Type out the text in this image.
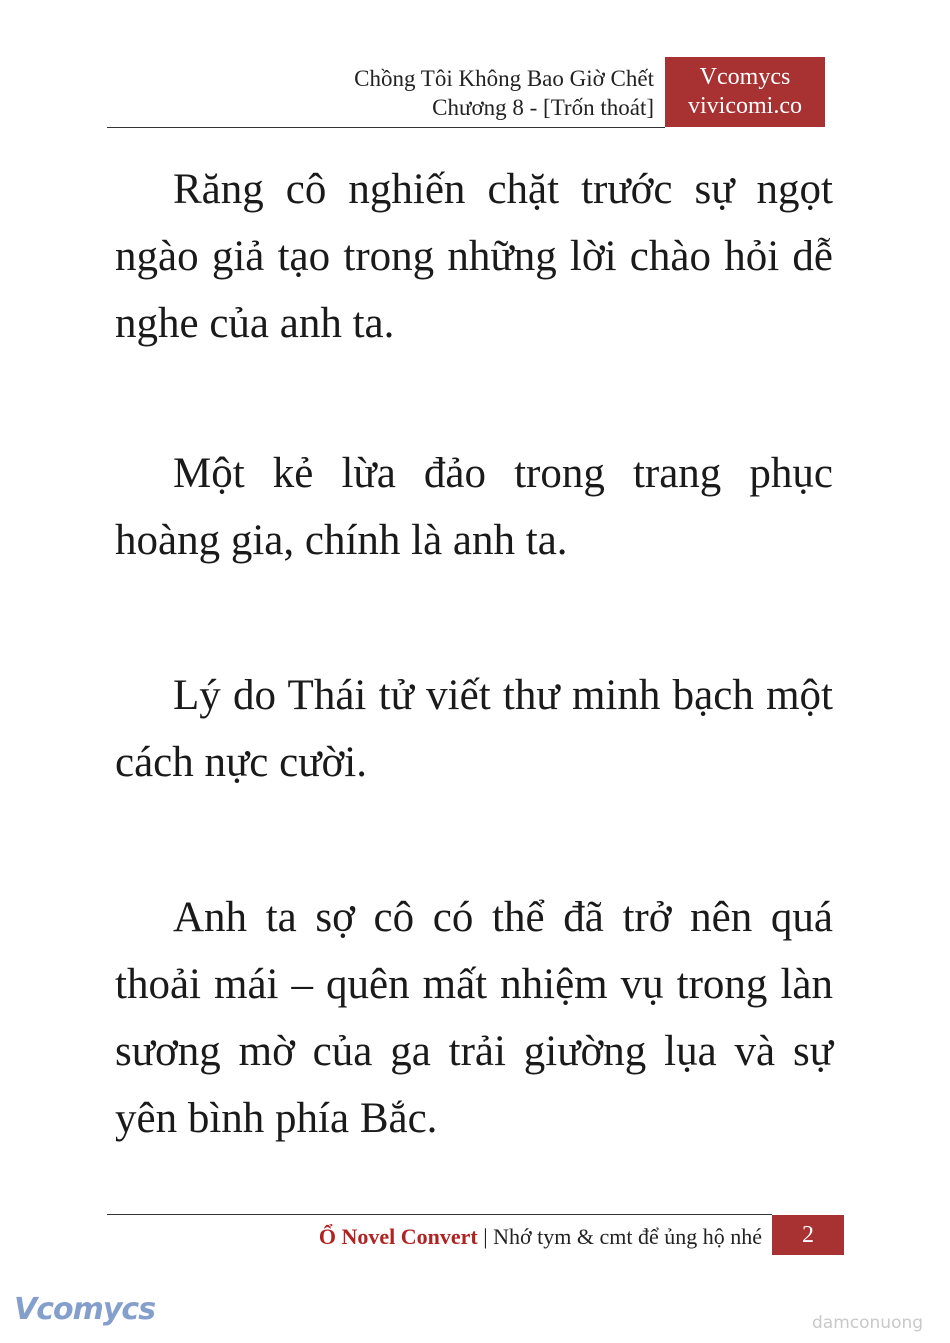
Chồng Tôi Không Bao Giờ Chết
Chương 8 - [Trốn thoát]
Vcomycs
vivicomi.co

Răng cô nghiến chặt trước sự ngọt ngào giả tạo trong những lời chào hỏi dễ nghe của anh ta.

Một kẻ lừa đảo trong trang phục hoàng gia, chính là anh ta.

Lý do Thái tử viết thư minh bạch một cách nực cười.

Anh ta sợ cô có thể đã trở nên quá thoải mái – quên mất nhiệm vụ trong làn sương mờ của ga trải giường lụa và sự yên bình phía Bắc.

Ổ Novel Convert | Nhớ tym & cmt để ủng hộ nhé	2
Vcomycs	damconuong
